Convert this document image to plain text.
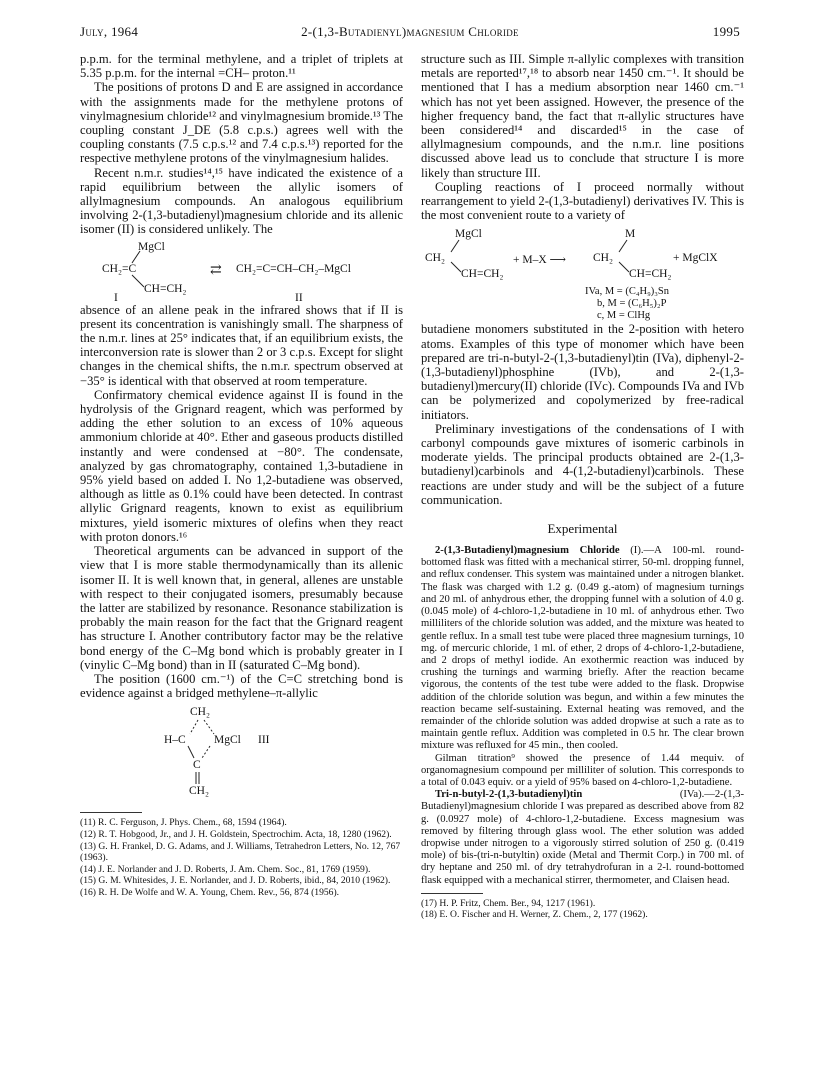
July, 1964	2-(1,3-Butadienyl)magnesium Chloride	1995

p.p.m. for the terminal methylene, and a triplet of triplets at 5.35 p.p.m. for the internal =CH– proton.¹¹

The positions of protons D and E are assigned in accordance with the assignments made for the methylene protons of vinylmagnesium chloride¹² and vinylmagnesium bromide.¹³ The coupling constant J_DE (5.8 c.p.s.) agrees well with the coupling constants (7.5 c.p.s.¹² and 7.4 c.p.s.¹³) reported for the respective methylene protons of the vinylmagnesium halides.

Recent n.m.r. studies¹⁴,¹⁵ have indicated the existence of a rapid equilibrium between the allylic isomers of allylmagnesium compounds. An analogous equilibrium involving 2-(1,3-butadienyl)magnesium chloride and its allenic isomer (II) is considered unlikely. The

MgCl
CH₂=C
CH=CH₂
I
⇄ CH₂=C=CH–CH₂–MgCl
II

absence of an allene peak in the infrared shows that if II is present its concentration is vanishingly small. The sharpness of the n.m.r. lines at 25° indicates that, if an equilibrium exists, the interconversion rate is slower than 2 or 3 c.p.s. Except for slight changes in the chemical shifts, the n.m.r. spectrum observed at −35° is identical with that observed at room temperature.

Confirmatory chemical evidence against II is found in the hydrolysis of the Grignard reagent, which was performed by adding the ether solution to an excess of 10% aqueous ammonium chloride at 40°. Ether and gaseous products distilled instantly and were condensed at −80°. The condensate, analyzed by gas chromatography, contained 1,3-butadiene in 95% yield based on added I. No 1,2-butadiene was observed, although as little as 0.1% could have been detected. In contrast allylic Grignard reagents, known to exist as equilibrium mixtures, yield isomeric mixtures of olefins when they react with proton donors.¹⁶

Theoretical arguments can be advanced in support of the view that I is more stable thermodynamically than its allenic isomer II. It is well known that, in general, allenes are unstable with respect to their conjugated isomers, presumably because the latter are stabilized by resonance. Resonance stabilization is probably the main reason for the fact that the Grignard reagent has structure I. Another contributory factor may be the relative bond energy of the C–Mg bond which is probably greater in I (vinylic C–Mg bond) than in II (saturated C–Mg bond).

The position (1600 cm.⁻¹) of the C=C stretching bond is evidence against a bridged methylene–π-allylic

CH₂
H–C MgCl III
C
CH₂
(11) R. C. Ferguson, J. Phys. Chem., 68, 1594 (1964).
(12) R. T. Hobgood, Jr., and J. H. Goldstein, Spectrochim. Acta, 18, 1280 (1962).
(13) G. H. Frankel, D. G. Adams, and J. Williams, Tetrahedron Letters, No. 12, 767 (1963).
(14) J. E. Norlander and J. D. Roberts, J. Am. Chem. Soc., 81, 1769 (1959).
(15) G. M. Whitesides, J. E. Norlander, and J. D. Roberts, ibid., 84, 2010 (1962).
(16) R. H. De Wolfe and W. A. Young, Chem. Rev., 56, 874 (1956).

structure such as III. Simple π-allylic complexes with transition metals are reported¹⁷,¹⁸ to absorb near 1450 cm.⁻¹. It should be mentioned that I has a medium absorption near 1460 cm.⁻¹ which has not yet been assigned. However, the presence of the higher frequency band, the fact that π-allylic structures have been considered¹⁴ and discarded¹⁵ in the case of allylmagnesium compounds, and the n.m.r. line positions discussed above lead us to conclude that structure I is more likely than structure III.

Coupling reactions of I proceed normally without rearrangement to yield 2-(1,3-butadienyl) derivatives IV. This is the most convenient route to a variety of

MgCl
CH₂
CH=CH₂
+ M–X ⟶
M
CH₂
CH=CH₂
+ MgClX
IVa, M = (C₄H₉)₃Sn
b, M = (C₆H₅)₂P
c, M = ClHg

butadiene monomers substituted in the 2-position with hetero atoms. Examples of this type of monomer which have been prepared are tri-n-butyl-2-(1,3-butadienyl)tin (IVa), diphenyl-2-(1,3-butadienyl)phosphine (IVb), and 2-(1,3-butadienyl)mercury(II) chloride (IVc). Compounds IVa and IVb can be polymerized and copolymerized by free-radical initiators.

Preliminary investigations of the condensations of I with carbonyl compounds gave mixtures of isomeric carbinols in moderate yields. The principal products obtained are 2-(1,3-butadienyl)carbinols and 4-(1,2-butadienyl)carbinols. These reactions are under study and will be the subject of a future communication.

Experimental

2-(1,3-Butadienyl)magnesium Chloride (I).—A 100-ml. round-bottomed flask was fitted with a mechanical stirrer, 50-ml. dropping funnel, and reflux condenser. This system was maintained under a nitrogen blanket. The flask was charged with 1.2 g. (0.49 g.-atom) of magnesium turnings and 20 ml. of anhydrous ether, the dropping funnel with a solution of 4.0 g. (0.045 mole) of 4-chloro-1,2-butadiene in 10 ml. of anhydrous ether. Two milliliters of the chloride solution was added, and the mixture was heated to gentle reflux. In a small test tube were placed three magnesium turnings, 10 mg. of mercuric chloride, 1 ml. of ether, 2 drops of 4-chloro-1,2-butadiene, and 2 drops of methyl iodide. An exothermic reaction was induced by crushing the turnings and warming briefly. After the reaction became vigorous, the contents of the test tube were added to the flask. Dropwise addition of the chloride solution was begun, and within a few minutes the reaction became self-sustaining. External heating was removed, and the remainder of the chloride solution was added dropwise at such a rate as to maintain gentle reflux. Addition was completed in 0.5 hr. The clear brown mixture was refluxed for 45 min., then cooled.

Gilman titration⁹ showed the presence of 1.44 mequiv. of organomagnesium compound per milliliter of solution. This corresponds to a total of 0.043 equiv. or a yield of 95% based on 4-chloro-1,2-butadiene.

Tri-n-butyl-2-(1,3-butadienyl)tin	(IVa).—2-(1,3-Butadienyl)magnesium chloride I was prepared as described above from 82 g. (0.0927 mole) of 4-chloro-1,2-butadiene. Excess magnesium was removed by filtering through glass wool. The ether solution was added dropwise under nitrogen to a vigorously stirred solution of 250 g. (0.419 mole) of bis-(tri-n-butyltin) oxide (Metal and Thermit Corp.) in 700 ml. of dry heptane and 250 ml. of dry tetrahydrofuran in a 2-l. round-bottomed flask equipped with a mechanical stirrer, thermometer, and Claisen head.

(17) H. P. Fritz, Chem. Ber., 94, 1217 (1961).
(18) E. O. Fischer and H. Werner, Z. Chem., 2, 177 (1962).
